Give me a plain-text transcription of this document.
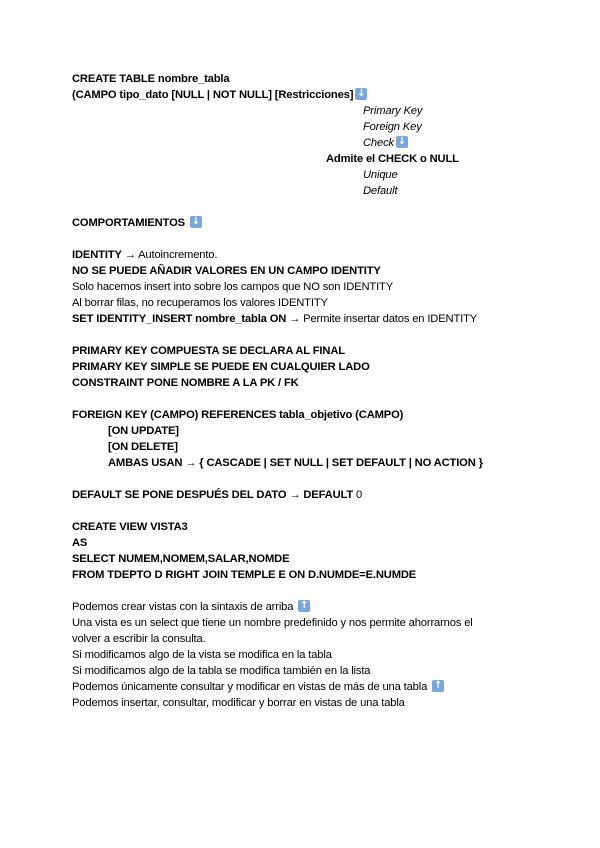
CREATE TABLE nombre_tabla
(CAMPO tipo_dato [NULL | NOT NULL] [Restricciones]↓
Primary Key
Foreign Key
Check↓
Admite el CHECK o NULL
Unique
Default
COMPORTAMIENTOS ↓
IDENTITY → Autoincremento.
NO SE PUEDE AÑADIR VALORES EN UN CAMPO IDENTITY
Solo hacemos insert into sobre los campos que NO son IDENTITY
Al borrar filas, no recuperamos los valores IDENTITY
SET IDENTITY_INSERT nombre_tabla ON → Permite insertar datos en IDENTITY
PRIMARY KEY COMPUESTA SE DECLARA AL FINAL
PRIMARY KEY SIMPLE SE PUEDE EN CUALQUIER LADO
CONSTRAINT PONE NOMBRE A LA PK / FK
FOREIGN KEY (CAMPO) REFERENCES tabla_objetivo (CAMPO)
[ON UPDATE]
[ON DELETE]
AMBAS USAN → { CASCADE | SET NULL | SET DEFAULT | NO ACTION }
DEFAULT SE PONE DESPUÉS DEL DATO → DEFAULT 0
CREATE VIEW VISTA3
AS
SELECT NUMEM,NOMEM,SALAR,NOMDE
FROM TDEPTO D RIGHT JOIN TEMPLE E ON D.NUMDE=E.NUMDE
Podemos crear vistas con la sintaxis de arriba ↑
Una vista es un select que tiene un nombre predefinido y nos permite ahorrarnos el
volver a escribir la consulta.
Si modificamos algo de la vista se modifica en la tabla
Si modificamos algo de la tabla se modifica también en la lista
Podemos únicamente consultar y modificar en vistas de más de una tabla ↑
Podemos insertar, consultar, modificar y borrar en vistas de una tabla
